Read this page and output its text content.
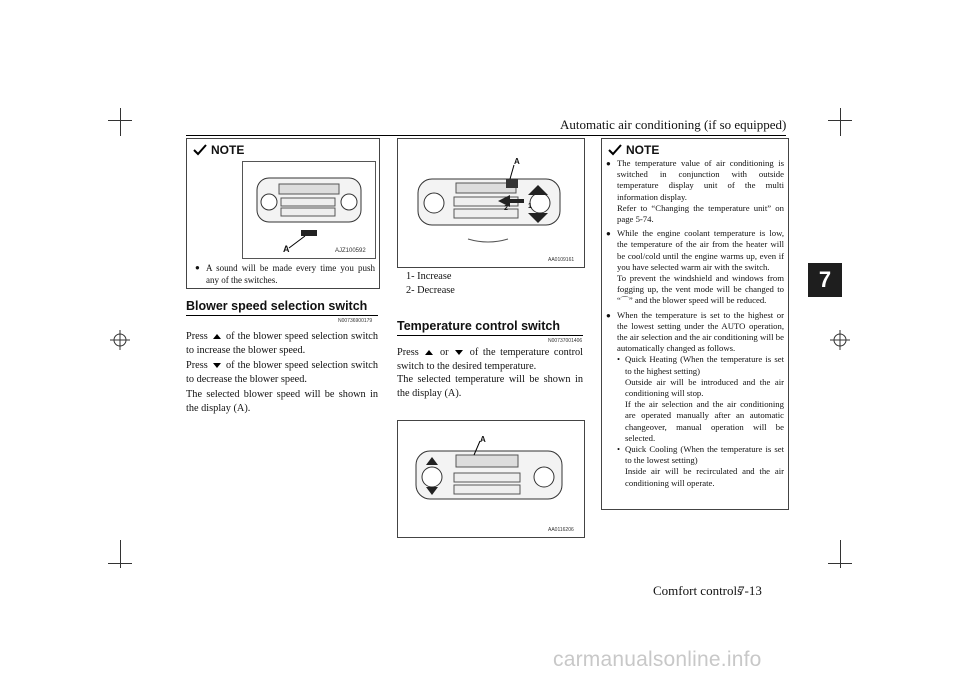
Automatic air conditioning (if so equipped)
7
NOTE
A	AJZ100592
● A sound will be made every time you push any of the switches.
Blower speed selection switch
N00736900179
Press of the blower speed selection switch to increase the blower speed.
Press of the blower speed selection switch to decrease the blower speed.
The selected blower speed will be shown in the display (A).
A
1
2
AA0109161
1- Increase
2- Decrease
Temperature control switch
N00737001406
Press or of the temperature control switch to the desired temperature.
The selected temperature will be shown in the display (A).
A
AA0116206
NOTE
● The temperature value of air conditioning is switched in conjunction with outside temperature display unit of the multi information display.
Refer to “Changing the temperature unit” on page 5-74.
● While the engine coolant temperature is low, the temperature of the air from the heater will be cool/cold until the engine warms up, even if you have selected warm air with the switch.
To prevent the windshield and windows from fogging up, the vent mode will be changed to “⌒” and the blower speed will be reduced.
● When the temperature is set to the highest or the lowest setting under the AUTO operation, the air selection and the air conditioning will be automatically changed as follows.
• Quick Heating (When the temperature is set to the highest setting)
Outside air will be introduced and the air conditioning will stop.
If the air selection and the air conditioning are operated manually after an automatic changeover, manual operation will be selected.
• Quick Cooling (When the temperature is set to the lowest setting)
Inside air will be recirculated and the air conditioning will operate.
Comfort controls
7-13
carmanualsonline.info
